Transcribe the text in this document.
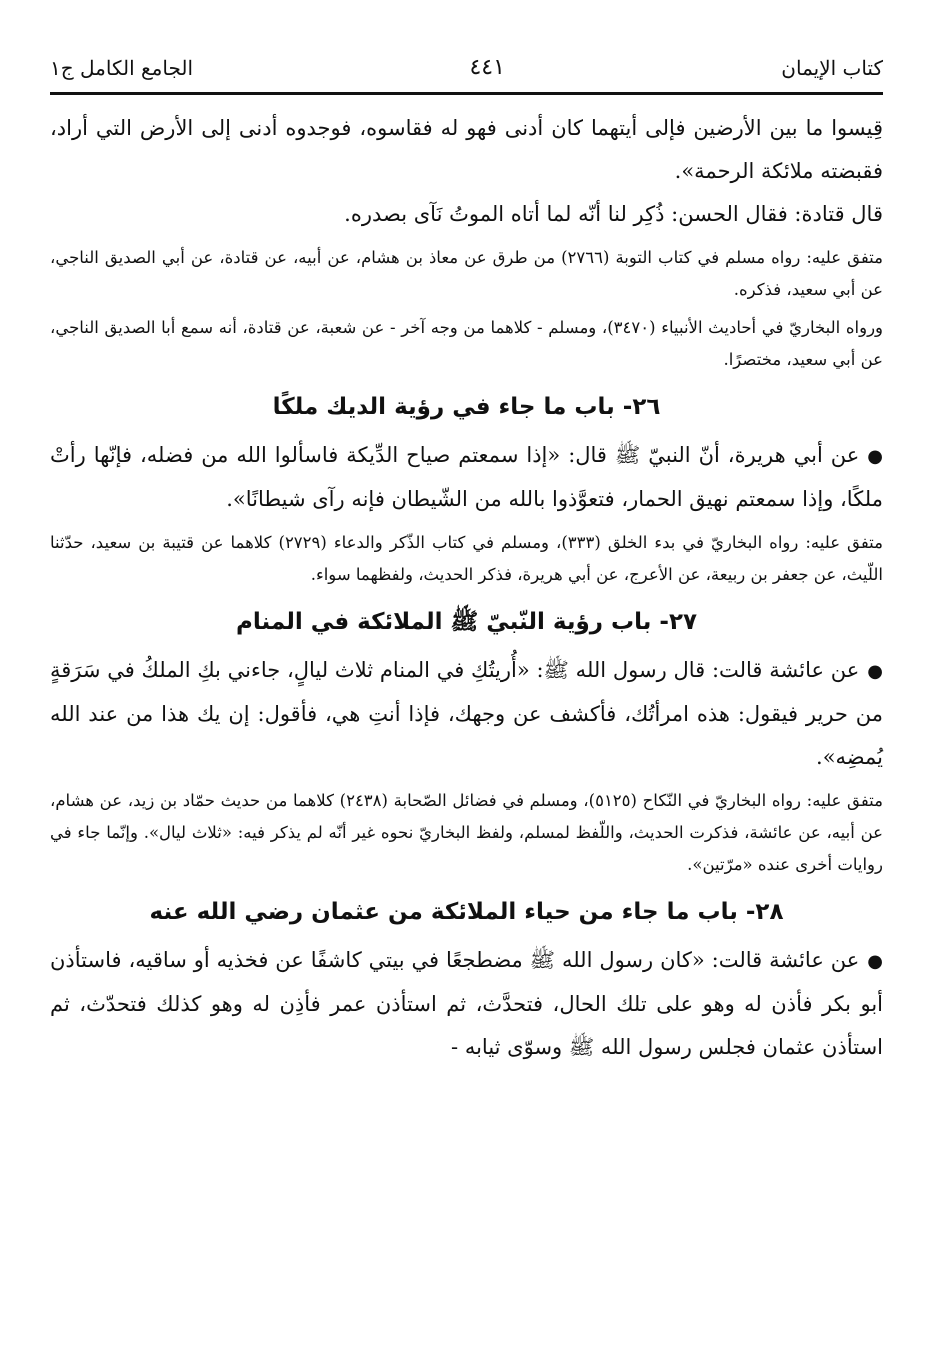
كتاب الإيمان
٤٤١
الجامع الكامل ج١

قِيسوا ما بين الأرضين فإلى أيتهما كان أدنى فهو له فقاسوه، فوجدوه أدنى إلى الأرض التي أراد، فقبضته ملائكة الرحمة».

قال قتادة: فقال الحسن: ذُكِر لنا أنّه لما أتاه الموتُ نَآى بصدره.

متفق عليه: رواه مسلم في كتاب التوبة (٢٧٦٦) من طرق عن معاذ بن هشام، عن أبيه، عن قتادة، عن أبي الصديق الناجي، عن أبي سعيد، فذكره.

ورواه البخاريّ في أحاديث الأنبياء (٣٤٧٠)، ومسلم - كلاهما من وجه آخر - عن شعبة، عن قتادة، أنه سمع أبا الصديق الناجي، عن أبي سعيد، مختصرًا.

٢٦- باب ما جاء في رؤية الديك ملكًا

●عن أبي هريرة، أنّ النبيّ ﷺ قال: «إذا سمعتم صياح الدِّيكة فاسألوا الله من فضله، فإنّها رأتْ ملكًا، وإذا سمعتم نهيق الحمار، فتعوَّذوا بالله من الشّيطان فإنه رآى شيطانًا».

متفق عليه: رواه البخاريّ في بدء الخلق (٣٣٣)، ومسلم في كتاب الذّكر والدعاء (٢٧٢٩) كلاهما عن قتيبة بن سعيد، حدّثنا اللّيث، عن جعفر بن ربيعة، عن الأعرج، عن أبي هريرة، فذكر الحديث، ولفظهما سواء.

٢٧- باب رؤية النّبيّ ﷺ الملائكة في المنام

●عن عائشة قالت: قال رسول الله ﷺ: «أُريتُكِ في المنام ثلاث ليالٍ، جاءني بكِ الملكُ في سَرَقةٍ من حرير فيقول: هذه امرأتُك، فأكشف عن وجهك، فإذا أنتِ هي، فأقول: إن يك هذا من عند الله يُمضِه».

متفق عليه: رواه البخاريّ في النّكاح (٥١٢٥)، ومسلم في فضائل الصّحابة (٢٤٣٨) كلاهما من حديث حمّاد بن زيد، عن هشام، عن أبيه، عن عائشة، فذكرت الحديث، واللّفظ لمسلم، ولفظ البخاريّ نحوه غير أنّه لم يذكر فيه: «ثلاث ليال». وإنّما جاء في روايات أخرى عنده «مرّتين».

٢٨- باب ما جاء من حياء الملائكة من عثمان رضي الله عنه

●عن عائشة قالت: «كان رسول الله ﷺ مضطجعًا في بيتي كاشفًا عن فخذيه أو ساقيه، فاستأذن أبو بكر فأذن له وهو على تلك الحال، فتحدَّث، ثم استأذن عمر فأذِن له وهو كذلك فتحدّث، ثم استأذن عثمان فجلس رسول الله ﷺ وسوّى ثيابه -
